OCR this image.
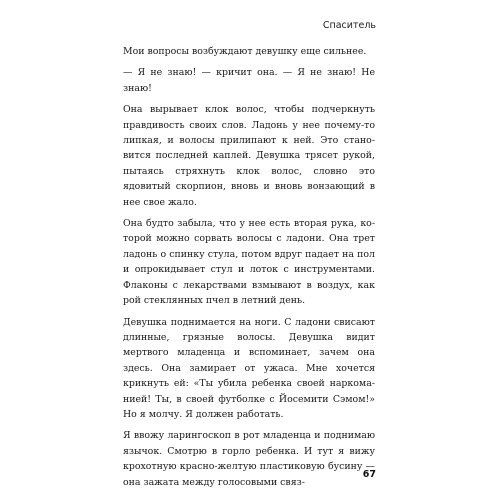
Спаситель

Мои вопросы возбуждают девушку еще сильнее.

— Я не знаю! — кричит она. — Я не знаю! Не знаю!

Она вырывает клок волос, чтобы подчеркнуть правдивость своих слов. Ладонь у нее почему-то липкая, и волосы прилипают к ней. Это становится последней каплей. Девушка трясет рукой, пытаясь стряхнуть клок волос, словно это ядовитый скорпион, вновь и вновь вонзающий в нее свое жало.

Она будто забыла, что у нее есть вторая рука, которой можно сорвать волосы с ладони. Она трет ладонь о спинку стула, потом вдруг падает на пол и опрокидывает стул и лоток с инструментами. Флаконы с лекарствами взмывают в воздух, как рой стеклянных пчел в летний день.

Девушка поднимается на ноги. С ладони свисают длинные, грязные волосы. Девушка видит мертвого младенца и вспоминает, зачем она здесь. Она замирает от ужаса. Мне хочется крикнуть ей: «Ты убила ребенка своей наркоманией! Ты, в своей футболке с Йосемити Сэмом!» Но я молчу. Я должен работать.

Я ввожу ларингоскоп в рот младенца и поднимаю язычок. Смотрю в горло ребенка. И тут я вижу крохотную красно-желтую пластиковую бусину — она зажата между голосовыми связ-

67
